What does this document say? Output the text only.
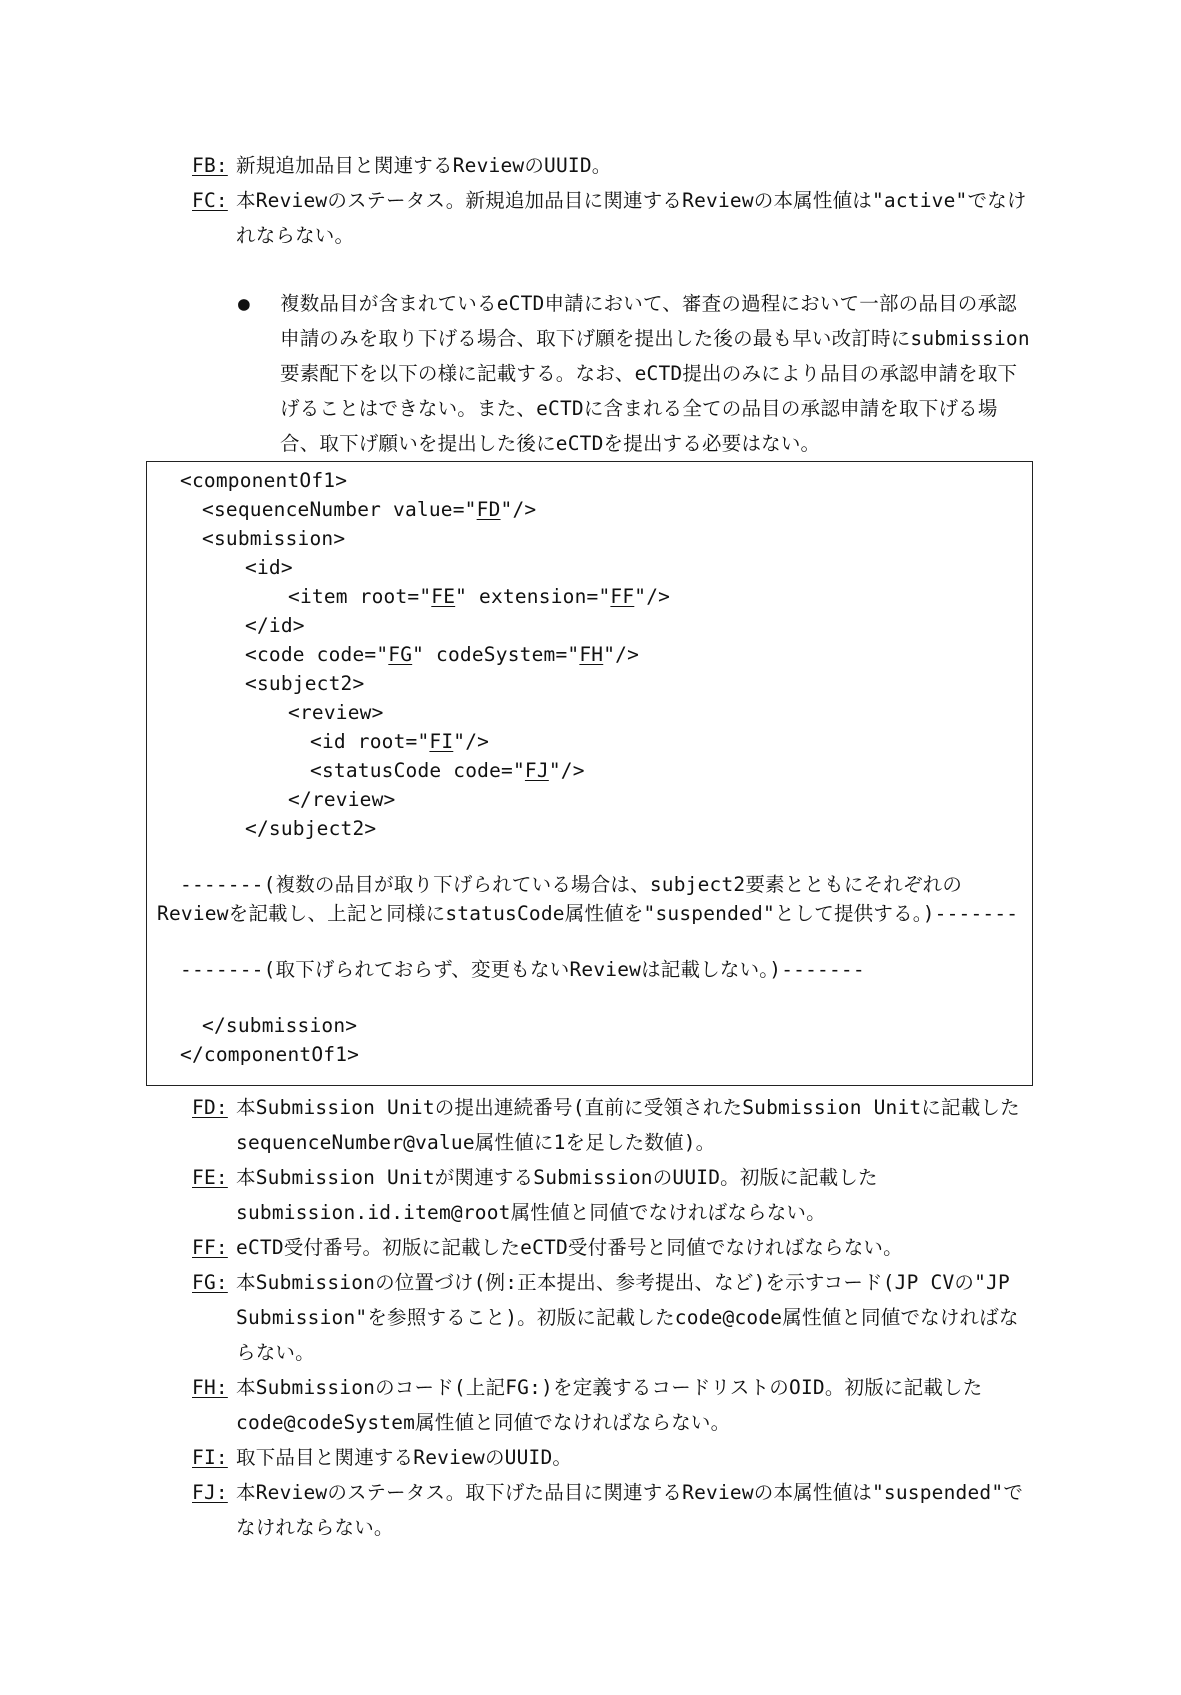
FB: 新規追加品目と関連するReviewのUUID。
FC: 本Reviewのステータス。新規追加品目に関連するReviewの本属性値は"active"でなけれならない。
● 複数品目が含まれているeCTD申請において、審査の過程において一部の品目の承認申請のみを取り下げる場合、取下げ願を提出した後の最も早い改訂時にsubmission要素配下を以下の様に記載する。なお、eCTD提出のみにより品目の承認申請を取下げることはできない。また、eCTDに含まれる全ての品目の承認申請を取下げる場合、取下げ願いを提出した後にeCTDを提出する必要はない。
<componentOf1>
<sequenceNumber value="FD"/>
<submission>
<id>
<item root="FE" extension="FF"/>
</id>
<code code="FG" codeSystem="FH"/>
<subject2>
<review>
<id root="FI"/>
<statusCode code="FJ"/>
</review>
</subject2>
-------(複数の品目が取り下げられている場合は、subject2要素とともにそれぞれのReviewを記載し、上記と同様にstatusCode属性値を"suspended"として提供する。)-------
-------(取下げられておらず、変更もないReviewは記載しない。)-------
</submission>
</componentOf1>
FD: 本Submission Unitの提出連続番号(直前に受領されたSubmission Unitに記載したsequenceNumber@value属性値に1を足した数値)。
FE: 本Submission Unitが関連するSubmissionのUUID。初版に記載したsubmission.id.item@root属性値と同値でなければならない。
FF: eCTD受付番号。初版に記載したeCTD受付番号と同値でなければならない。
FG: 本Submissionの位置づけ(例:正本提出、参考提出、など)を示すコード(JP CVの"JP Submission"を参照すること)。初版に記載したcode@code属性値と同値でなければならない。
FH: 本Submissionのコード(上記FG:)を定義するコードリストのOID。初版に記載したcode@codeSystem属性値と同値でなければならない。
FI: 取下品目と関連するReviewのUUID。
FJ: 本Reviewのステータス。取下げた品目に関連するReviewの本属性値は"suspended"でなけれならない。
